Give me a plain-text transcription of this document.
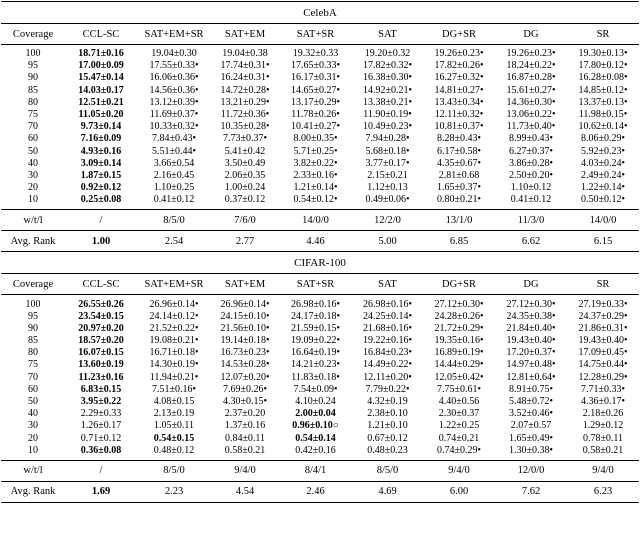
CelebA								
Coverage	CCL-SC	SAT+EM+SR	SAT+EM	SAT+SR	SAT	DG+SR	DG	SR
100	18.71±0.16	19.04±0.30	19.04±0.38	19.32±0.33	19.20±0.32	19.26±0.23•	19.26±0.23•	19.30±0.13•
95	17.00±0.09	17.55±0.33•	17.74±0.31•	17.65±0.33•	17.82±0.32•	17.82±0.26•	18.24±0.22•	17.80±0.12•
90	15.47±0.14	16.06±0.36•	16.24±0.31•	16.17±0.31•	16.38±0.30•	16.27±0.32•	16.87±0.28•	16.28±0.08•
85	14.03±0.17	14.56±0.36•	14.72±0.28•	14.65±0.27•	14.92±0.21•	14.81±0.27•	15.61±0.27•	14.85±0.12•
80	12.51±0.21	13.12±0.39•	13.21±0.29•	13.17±0.29•	13.38±0.21•	13.43±0.34•	14.36±0.30•	13.37±0.13•
75	11.05±0.20	11.69±0.37•	11.72±0.36•	11.78±0.26•	11.90±0.19•	12.11±0.32•	13.06±0.22•	11.98±0.15•
70	9.73±0.14	10.33±0.32•	10.35±0.28•	10.41±0.27•	10.49±0.23•	10.81±0.37•	11.73±0.40•	10.62±0.14•
60	7.16±0.09	7.84±0.43•	7.73±0.37•	8.00±0.35•	7.94±0.28•	8.28±0.43•	8.99±0.43•	8.06±0.29•
50	4.93±0.16	5.51±0.44•	5.41±0.42	5.71±0.25•	5.68±0.18•	6.17±0.58•	6.27±0.37•	5.92±0.23•
40	3.09±0.14	3.66±0.54	3.50±0.49	3.82±0.22•	3.77±0.17•	4.35±0.67•	3.86±0.28•	4.03±0.24•
30	1.87±0.15	2.16±0.45	2.06±0.35	2.33±0.16•	2.15±0.21	2.81±0.68	2.50±0.20•	2.49±0.24•
20	0.92±0.12	1.10±0.25	1.00±0.24	1.21±0.14•	1.12±0.13	1.65±0.37•	1.10±0.12	1.22±0.14•
10	0.25±0.08	0.41±0.12	0.37±0.12	0.54±0.12•	0.49±0.06•	0.80±0.21•	0.41±0.12	0.50±0.12•
w/t/l	/	8/5/0	7/6/0	14/0/0	12/2/0	13/1/0	11/3/0	14/0/0
Avg. Rank	1.00	2.54	2.77	4.46	5.00	6.85	6.62	6.15
CIFAR-100								
Coverage	CCL-SC	SAT+EM+SR	SAT+EM	SAT+SR	SAT	DG+SR	DG	SR
100	26.55±0.26	26.96±0.14•	26.96±0.14•	26.98±0.16•	26.98±0.16•	27.12±0.30•	27.12±0.30•	27.19±0.33•
95	23.54±0.15	24.14±0.12•	24.15±0.10•	24.17±0.18•	24.25±0.14•	24.28±0.26•	24.35±0.38•	24.37±0.29•
90	20.97±0.20	21.52±0.22•	21.56±0.10•	21.59±0.15•	21.68±0.16•	21.72±0.29•	21.84±0.40•	21.86±0.31•
85	18.57±0.20	19.08±0.21•	19.14±0.18•	19.09±0.22•	19.22±0.16•	19.35±0.16•	19.43±0.40•	19.43±0.40•
80	16.07±0.15	16.71±0.18•	16.73±0.23•	16.64±0.19•	16.84±0.23•	16.89±0.19•	17.20±0.37•	17.09±0.45•
75	13.60±0.19	14.30±0.19•	14.53±0.28•	14.21±0.23•	14.49±0.22•	14.44±0.29•	14.97±0.48•	14.75±0.44•
70	11.23±0.16	11.94±0.21•	12.07±0.20•	11.83±0.18•	12.11±0.20•	12.05±0.42•	12.81±0.64•	12.28±0.29•
60	6.83±0.15	7.51±0.16•	7.69±0.26•	7.54±0.09•	7.79±0.22•	7.75±0.61•	8.91±0.75•	7.71±0.33•
50	3.95±0.22	4.08±0.15	4.30±0.15•	4.10±0.24	4.32±0.19	4.40±0.56	5.48±0.72•	4.36±0.17•
40	2.29±0.33	2.13±0.19	2.37±0.20	2.00±0.04	2.38±0.10	2.30±0.37	3.52±0.46•	2.18±0.26
30	1.26±0.17	1.05±0.11	1.37±0.16	0.96±0.10○	1.21±0.10	1.22±0.25	2.07±0.57	1.29±0.12
20	0.71±0.12	0.54±0.15	0.84±0.11	0.54±0.14	0.67±0.12	0.74±0.21	1.65±0.49•	0.78±0.11
10	0.36±0.08	0.48±0.12	0.58±0.21	0.42±0.16	0.48±0.23	0.74±0.29•	1.30±0.38•	0.58±0.21
w/t/l	/	8/5/0	9/4/0	8/4/1	8/5/0	9/4/0	12/0/0	9/4/0
Avg. Rank	1.69	2.23	4.54	2.46	4.69	6.00	7.62	6.23
